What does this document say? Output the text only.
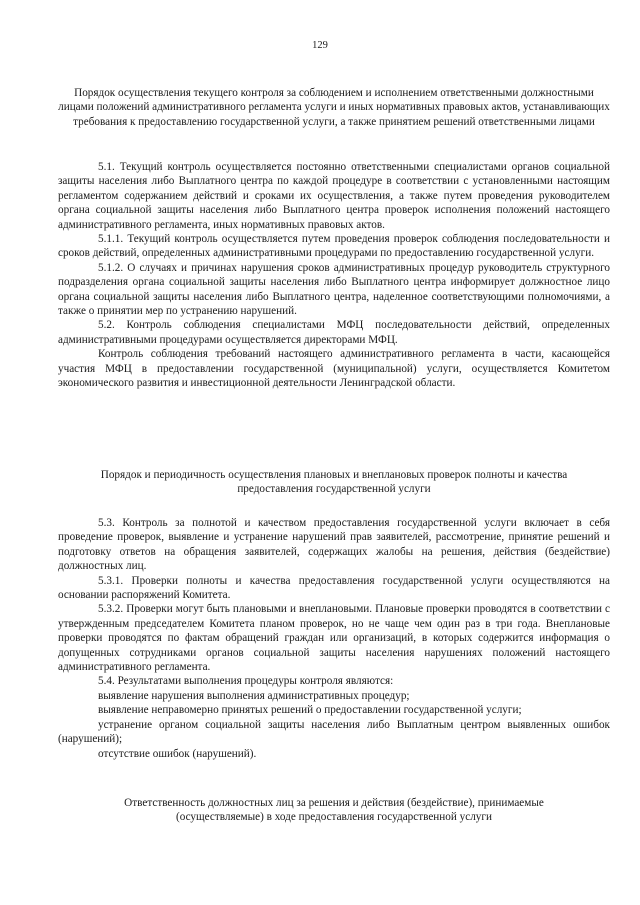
129
Порядок осуществления текущего контроля за соблюдением и исполнением ответственными должностными лицами положений административного регламента услуги и иных нормативных правовых актов, устанавливающих требования к предоставлению государственной услуги, а также принятием решений ответственными лицами

5.1. Текущий контроль осуществляется постоянно ответственными специалистами органов социальной защиты населения либо Выплатного центра по каждой процедуре в соответствии с установленными настоящим регламентом содержанием действий и сроками их осуществления, а также путем проведения руководителем органа социальной защиты населения либо Выплатного центра проверок исполнения положений настоящего административного регламента, иных нормативных правовых актов.

5.1.1. Текущий контроль осуществляется путем проведения проверок соблюдения последовательности и сроков действий, определенных административными процедурами по предоставлению государственной услуги.

5.1.2. О случаях и причинах нарушения сроков административных процедур руководитель структурного подразделения органа социальной защиты населения либо Выплатного центра информирует должностное лицо органа социальной защиты населения либо Выплатного центра, наделенное соответствующими полномочиями, а также о принятии мер по устранению нарушений.

5.2. Контроль соблюдения специалистами МФЦ последовательности действий, определенных административными процедурами осуществляется директорами МФЦ.

Контроль соблюдения требований настоящего административного регламента в части, касающейся участия МФЦ в предоставлении государственной (муниципальной) услуги, осуществляется Комитетом экономического развития и инвестиционной деятельности Ленинградской области.

Порядок и периодичность осуществления плановых и внеплановых проверок полноты и качества предоставления государственной услуги

5.3. Контроль за полнотой и качеством предоставления государственной услуги включает в себя проведение проверок, выявление и устранение нарушений прав заявителей, рассмотрение, принятие решений и подготовку ответов на обращения заявителей, содержащих жалобы на решения, действия (бездействие) должностных лиц.

5.3.1. Проверки полноты и качества предоставления государственной услуги осуществляются на основании распоряжений Комитета.

5.3.2. Проверки могут быть плановыми и внеплановыми. Плановые проверки проводятся в соответствии с утвержденным председателем Комитета планом проверок, но не чаще чем один раз в три года. Внеплановые проверки проводятся по фактам обращений граждан или организаций, в которых содержится информация о допущенных сотрудниками органов социальной защиты населения нарушениях положений настоящего административного регламента.

5.4. Результатами выполнения процедуры контроля являются:

выявление нарушения выполнения административных процедур;

выявление неправомерно принятых решений о предоставлении государственной услуги;

устранение органом социальной защиты населения либо Выплатным центром выявленных ошибок (нарушений);

отсутствие ошибок (нарушений).

Ответственность должностных лиц за решения и действия (бездействие), принимаемые (осуществляемые) в ходе предоставления государственной услуги
